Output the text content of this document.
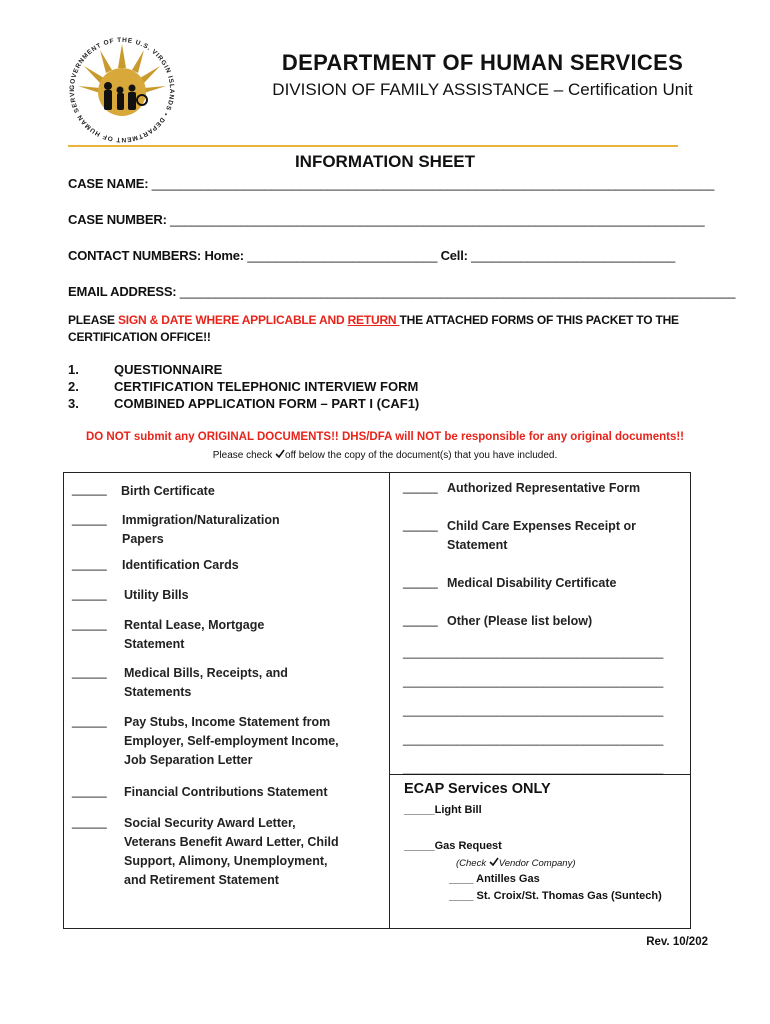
GOVERNMENT OF THE U.S. VIRGIN ISLANDS • DEPARTMENT OF HUMAN SERVI
DEPARTMENT OF HUMAN SERVICES
DIVISION OF FAMILY ASSISTANCE – Certification Unit
INFORMATION SHEET
CASE NAME: ________________________________________________________________________________
CASE NUMBER: ____________________________________________________________________________
CONTACT NUMBERS: Home: ___________________________ Cell: _____________________________
EMAIL ADDRESS: _______________________________________________________________________________
PLEASE SIGN & DATE WHERE APPLICABLE AND RETURN THE ATTACHED FORMS OF THIS PACKET TO THE CERTIFICATION OFFICE!!
1.	QUESTIONNAIRE
2.	CERTIFICATION TELEPHONIC INTERVIEW FORM
3.	COMBINED APPLICATION FORM – PART I (CAF1)
DO NOT submit any ORIGINAL DOCUMENTS!! DHS/DFA will NOT be responsible for any original documents!!
Please check off below the copy of the document(s) that you have included.
_____ Birth Certificate
_____ Immigration/Naturalization Papers
_____ Identification Cards
_____ Utility Bills
_____ Rental Lease, Mortgage Statement
_____ Medical Bills, Receipts, and Statements
_____ Pay Stubs, Income Statement from Employer, Self-employment Income, Job Separation Letter
_____ Financial Contributions Statement
_____ Social Security Award Letter, Veterans Benefit Award Letter, Child Support, Alimony, Unemployment, and Retirement Statement
_____ Authorized Representative Form
_____ Child Care Expenses Receipt or Statement
_____ Medical Disability Certificate
_____ Other (Please list below)
_______________________________________
_______________________________________
_______________________________________
_______________________________________
_______________________________________
ECAP Services ONLY
_____Light Bill
_____Gas Request
(Check Vendor Company)
____ Antilles Gas
____ St. Croix/St. Thomas Gas (Suntech)
Rev. 10/202
